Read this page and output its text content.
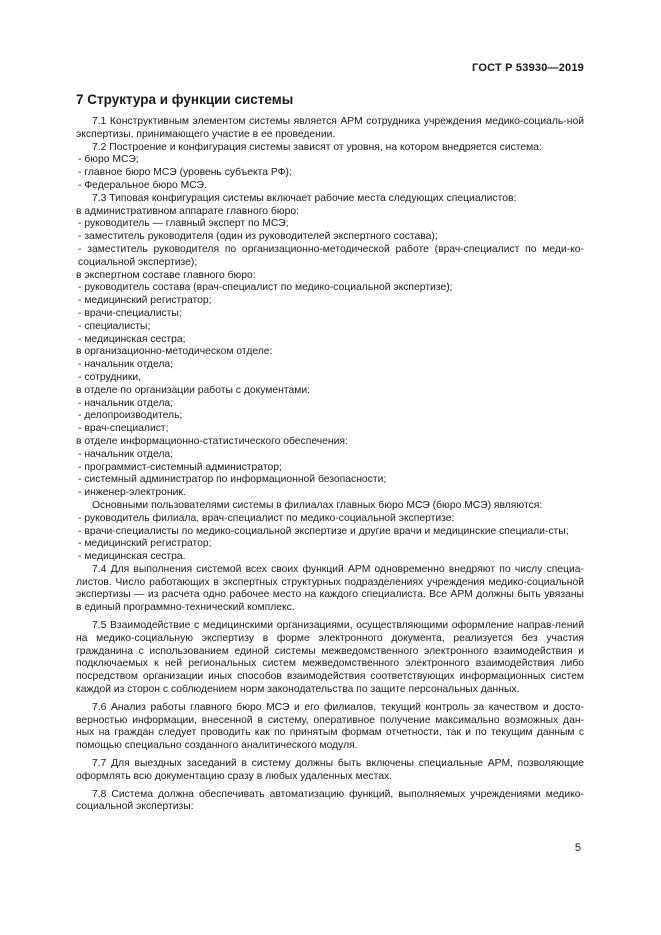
ГОСТ Р 53930—2019
7 Структура и функции системы

7.1 Конструктивным элементом системы является АРМ сотрудника учреждения медико-социаль-ной экспертизы, принимающего участие в ее проведении.

7.2 Построение и конфигурация системы зависят от уровня, на котором внедряется система:

- бюро МСЭ;

- главное бюро МСЭ (уровень субъекта РФ);

- Федеральное бюро МСЭ.

7.3 Типовая конфигурация системы включает рабочие места следующих специалистов:

в административном аппарате главного бюро:

- руководитель — главный эксперт по МСЭ;

- заместитель руководителя (один из руководителей экспертного состава);

- заместитель руководителя по организационно-методической работе (врач-специалист по меди-ко-социальной экспертизе);

в экспертном составе главного бюро:

- руководитель состава (врач-специалист по медико-социальной экспертизе);

- медицинский регистратор;

- врачи-специалисты;

- специалисты;

- медицинская сестра;

в организационно-методическом отделе:

- начальник отдела;

- сотрудники,

в отделе по организации работы с документами:

- начальник отдела;

- делопроизводитель;

- врач-специалист;

в отделе информационно-статистического обеспечения:

- начальник отдела;

- программист-системный администратор;

- системный администратор по информационной безопасности;

- инженер-электроник.

Основными пользователями системы в филиалах главных бюро МСЭ (бюро МСЭ) являются:

- руководитель филиала, врач-специалист по медико-социальной экспертизе:

- врачи-специалисты по медико-социальной экспертизе и другие врачи и медицинские специали-сты;

- медицинский регистратор;

- медицинская сестра.

7.4 Для выполнения системой всех своих функций АРМ одновременно внедряют по числу специа-листов. Число работающих в экспертных структурных подразделениях учреждения медико-социальной экспертизы — из расчета одно рабочее место на каждого специалиста. Все АРМ должны быть увязаны в единый программно-технический комплекс.

7.5 Взаимодействие с медицинскими организациями, осуществляющими оформление направ-лений на медико-социальную экспертизу в форме электронного документа, реализуется без участия гражданина с использованием единой системы межведомственного электронного взаимодействия и подключаемых к ней региональных систем межведомственного электронного взаимодействия либо посредством организации иных способов взаимодействия соответствующих информационных систем каждой из сторон с соблюдением норм законодательства по защите персональных данных.

7.6 Анализ работы главного бюро МСЭ и его филиалов, текущий контроль за качеством и досто-верностью информации, внесенной в систему, оперативное получение максимально возможных дан-ных на граждан следует проводить как по принятым формам отчетности, так и по текущим данным с помощью специально созданного аналитического модуля.

7.7 Для выездных заседаний в систему должны быть включены специальные АРМ, позволяющие оформлять всю документацию сразу в любых удаленных местах.

7.8 Система должна обеспечивать автоматизацию функций, выполняемых учреждениями медико-социальной экспертизы:

5
